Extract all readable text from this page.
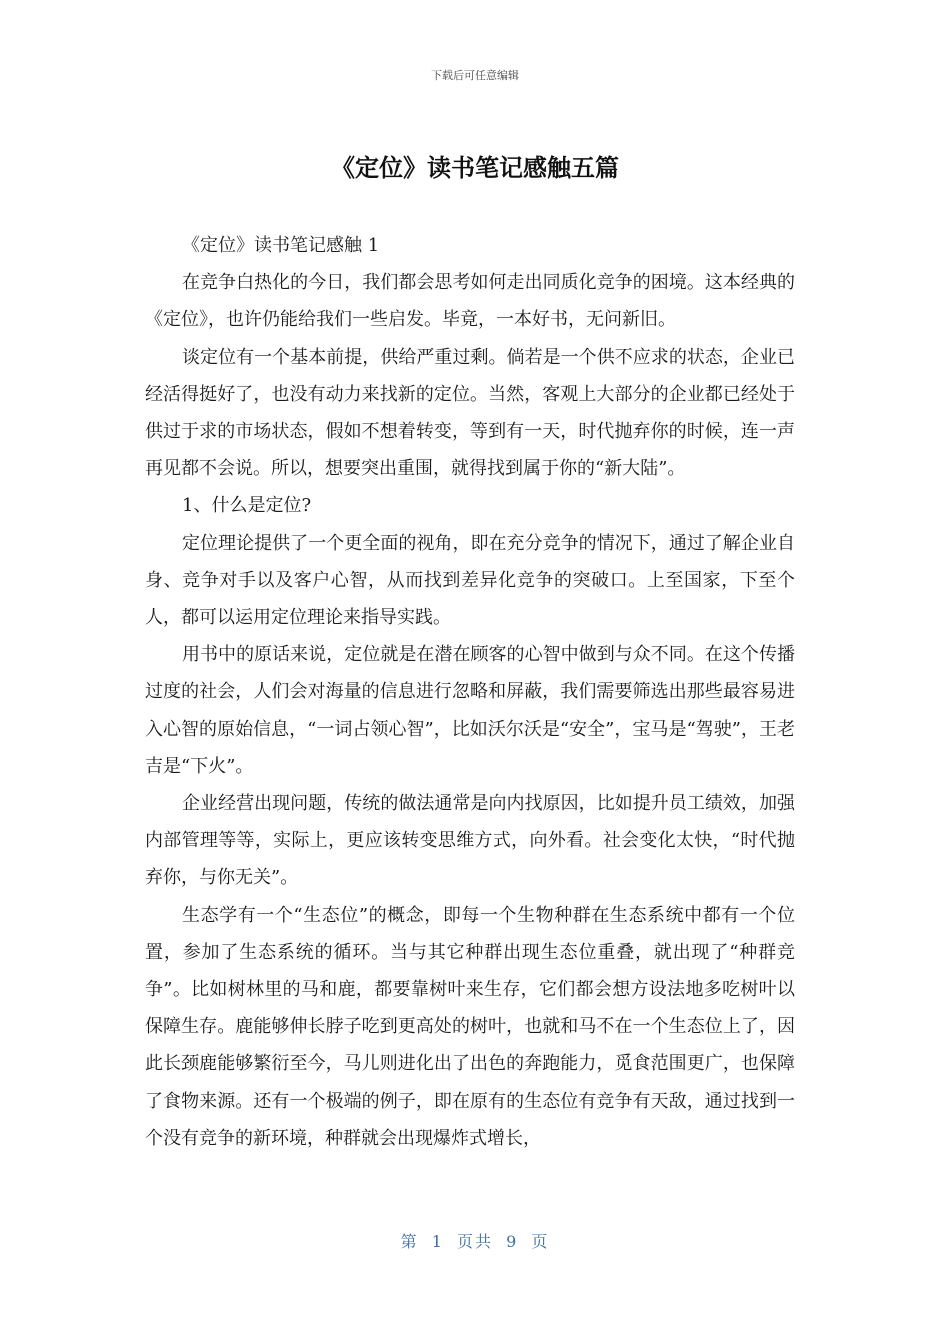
下载后可任意编辑
《定位》读书笔记感触五篇

《定位》读书笔记感触 1

在竞争白热化的今日，我们都会思考如何走出同质化竞争的困境。这本经典的《定位》，也许仍能给我们一些启发。毕竟，一本好书，无问新旧。

谈定位有一个基本前提，供给严重过剩。倘若是一个供不应求的状态，企业已经活得挺好了，也没有动力来找新的定位。当然，客观上大部分的企业都已经处于供过于求的市场状态，假如不想着转变，等到有一天，时代抛弃你的时候，连一声再见都不会说。所以，想要突出重围，就得找到属于你的“新大陆”。

1、什么是定位?

定位理论提供了一个更全面的视角，即在充分竞争的情况下，通过了解企业自身、竞争对手以及客户心智，从而找到差异化竞争的突破口。上至国家，下至个人，都可以运用定位理论来指导实践。

用书中的原话来说，定位就是在潜在顾客的心智中做到与众不同。在这个传播过度的社会，人们会对海量的信息进行忽略和屏蔽，我们需要筛选出那些最容易进入心智的原始信息，“一词占领心智”，比如沃尔沃是“安全”，宝马是“驾驶”，王老吉是“下火”。

企业经营出现问题，传统的做法通常是向内找原因，比如提升员工绩效，加强内部管理等等，实际上，更应该转变思维方式，向外看。社会变化太快，“时代抛弃你，与你无关”。

生态学有一个“生态位”的概念，即每一个生物种群在生态系统中都有一个位置，参加了生态系统的循环。当与其它种群出现生态位重叠，就出现了“种群竞争”。比如树林里的马和鹿，都要靠树叶来生存，它们都会想方设法地多吃树叶以保障生存。鹿能够伸长脖子吃到更高处的树叶，也就和马不在一个生态位上了，因此长颈鹿能够繁衍至今，马儿则进化出了出色的奔跑能力，觅食范围更广，也保障了食物来源。还有一个极端的例子，即在原有的生态位有竞争有天敌，通过找到一个没有竞争的新环境，种群就会出现爆炸式增长，

第 1 页共 9 页
